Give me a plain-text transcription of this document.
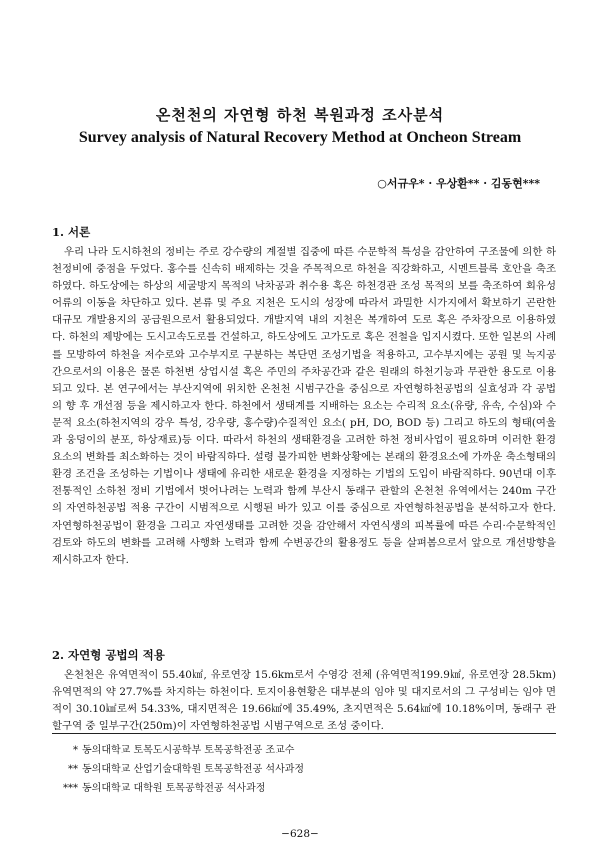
온천천의 자연형 하천 복원과정 조사분석
Survey analysis of Natural Recovery Method at Oncheon Stream
○서규우* · 우상환** · 김동현***
1. 서론

우리 나라 도시하천의 정비는 주로 강수량의 계절별 집중에 따른 수문학적 특성을 감안하여 구조물에 의한 하천정비에 중점을 두었다. 홍수를 신속히 배제하는 것을 주목적으로 하천을 직강화하고, 시멘트블록 호안을 축조하였다. 하도상에는 하상의 세굴방지 목적의 낙차공과 취수용 혹은 하천경관 조성 목적의 보를 축조하여 회유성 어류의 이동을 차단하고 있다. 본류 및 주요 지천은 도시의 성장에 따라서 과밀한 시가지에서 확보하기 곤란한 대규모 개발용지의 공급원으로서 활용되었다. 개발지역 내의 지천은 복개하여 도로 혹은 주차장으로 이용하였다. 하천의 제방에는 도시고속도로를 건설하고, 하도상에도 고가도로 혹은 전철을 입지시켰다. 또한 일본의 사례를 모방하여 하천을 저수로와 고수부지로 구분하는 복단면 조성기법을 적용하고, 고수부지에는 공원 및 녹지공간으로서의 이용은 물론 하천변 상업시설 혹은 주민의 주차공간과 같은 원래의 하천기능과 무관한 용도로 이용되고 있다. 본 연구에서는 부산지역에 위치한 온천천 시범구간을 중심으로 자연형하천공법의 실효성과 각 공법의 향 후 개선점 등을 제시하고자 한다. 하천에서 생태계를 지배하는 요소는 수리적 요소(유량, 유속, 수심)와 수문적 요소(하천지역의 강우 특성, 강우량, 홍수량)수질적인 요소( pH, DO, BOD 등) 그리고 하도의 형태(여울과 웅덩이의 분포, 하상재료)등 이다. 따라서 하천의 생태환경을 고려한 하천 정비사업이 필요하며 이러한 환경요소의 변화를 최소화하는 것이 바람직하다. 설령 불가피한 변화상황에는 본래의 환경요소에 가까운 축소형태의 환경 조건을 조성하는 기법이나 생태에 유리한 새로운 환경을 지정하는 기법의 도입이 바람직하다. 90년대 이후 전통적인 소하천 정비 기법에서 벗어나려는 노력과 함께 부산시 동래구 관할의 온천천 유역에서는 240m 구간의 자연하천공법 적용 구간이 시범적으로 시행된 바가 있고 이를 중심으로 자연형하천공법을 분석하고자 한다. 자연형하천공법이 환경을 그리고 자연생태를 고려한 것을 감안해서 자연식생의 피복률에 따른 수리·수문학적인 검토와 하도의 변화를 고려해 사행화 노력과 함께 수변공간의 활용정도 등을 살펴봄으로서 앞으로 개선방향을 제시하고자 한다.

2. 자연형 공법의 적용

온천천은 유역면적이 55.40㎢, 유로연장 15.6km로서 수영강 전체 (유역면적199.9㎢, 유로연장 28.5km) 유역면적의 약 27.7%를 차지하는 하천이다. 토지이용현황은 대부분의 임야 및 대지로서의 그 구성비는 임야 면적이 30.10㎢로써 54.33%, 대지면적은 19.66㎢에 35.49%, 초지면적은 5.64㎢에 10.18%이며, 동래구 관할구역 중 일부구간(250m)이 자연형하천공법 시범구역으로 조성 중이다.

* 동의대학교 토목도시공학부 토목공학전공 조교수
** 동의대학교 산업기술대학원 토목공학전공 석사과정
*** 동의대학교 대학원 토목공학전공 석사과정
−628−
